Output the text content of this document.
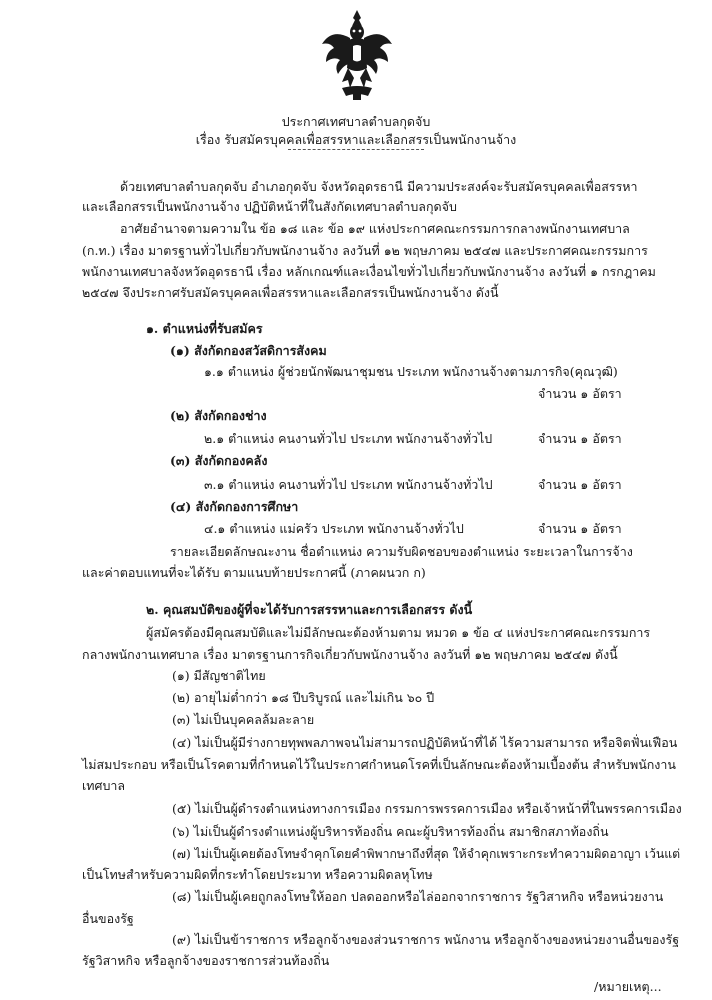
ประกาศเทศบาลตำบลกุดจับ
เรื่อง รับสมัครบุคคลเพื่อสรรหาและเลือกสรรเป็นพนักงานจ้าง
ด้วยเทศบาลตำบลกุดจับ อำเภอกุดจับ จังหวัดอุดรธานี มีความประสงค์จะรับสมัครบุคคลเพื่อสรรหา
และเลือกสรรเป็นพนักงานจ้าง ปฏิบัติหน้าที่ในสังกัดเทศบาลตำบลกุดจับ
อาศัยอำนาจตามความใน ข้อ ๑๘ และ ข้อ ๑๙ แห่งประกาศคณะกรรมการกลางพนักงานเทศบาล
(ก.ท.) เรื่อง มาตรฐานทั่วไปเกี่ยวกับพนักงานจ้าง ลงวันที่ ๑๒ พฤษภาคม ๒๕๔๗ และประกาศคณะกรรมการ
พนักงานเทศบาลจังหวัดอุดรธานี เรื่อง หลักเกณฑ์และเงื่อนไขทั่วไปเกี่ยวกับพนักงานจ้าง ลงวันที่ ๑ กรกฎาคม
๒๕๔๗ จึงประกาศรับสมัครบุคคลเพื่อสรรหาและเลือกสรรเป็นพนักงานจ้าง ดังนี้
๑. ตำแหน่งที่รับสมัคร
(๑) สังกัดกองสวัสดิการสังคม
๑.๑ ตำแหน่ง ผู้ช่วยนักพัฒนาชุมชน ประเภท พนักงานจ้างตามภารกิจ(คุณวุฒิ)
จำนวน ๑ อัตรา
(๒) สังกัดกองช่าง
๒.๑ ตำแหน่ง คนงานทั่วไป ประเภท พนักงานจ้างทั่วไป	จำนวน ๑ อัตรา
(๓) สังกัดกองคลัง
๓.๑ ตำแหน่ง คนงานทั่วไป ประเภท พนักงานจ้างทั่วไป	จำนวน ๑ อัตรา
(๔) สังกัดกองการศึกษา
๔.๑ ตำแหน่ง แม่ครัว ประเภท พนักงานจ้างทั่วไป	จำนวน ๑ อัตรา
รายละเอียดลักษณะงาน ชื่อตำแหน่ง ความรับผิดชอบของตำแหน่ง ระยะเวลาในการจ้าง
และค่าตอบแทนที่จะได้รับ ตามแนบท้ายประกาศนี้ (ภาคผนวก ก)
๒. คุณสมบัติของผู้ที่จะได้รับการสรรหาและการเลือกสรร ดังนี้
ผู้สมัครต้องมีคุณสมบัติและไม่มีลักษณะต้องห้ามตาม หมวด ๑ ข้อ ๔ แห่งประกาศคณะกรรมการ
กลางพนักงานเทศบาล เรื่อง มาตรฐานการกิจเกี่ยวกับพนักงานจ้าง ลงวันที่ ๑๒ พฤษภาคม ๒๕๔๗ ดังนี้
(๑) มีสัญชาติไทย
(๒) อายุไม่ต่ำกว่า ๑๘ ปีบริบูรณ์ และไม่เกิน ๖๐ ปี
(๓) ไม่เป็นบุคคลล้มละลาย
(๔) ไม่เป็นผู้มีร่างกายทุพพลภาพจนไม่สามารถปฏิบัติหน้าที่ได้ ไร้ความสามารถ หรือจิตฟั่นเฟือน
ไม่สมประกอบ หรือเป็นโรคตามที่กำหนดไว้ในประกาศกำหนดโรคที่เป็นลักษณะต้องห้ามเบื้องต้น สำหรับพนักงาน
เทศบาล
(๕) ไม่เป็นผู้ดำรงตำแหน่งทางการเมือง กรรมการพรรคการเมือง หรือเจ้าหน้าที่ในพรรคการเมือง
(๖) ไม่เป็นผู้ดำรงตำแหน่งผู้บริหารท้องถิ่น คณะผู้บริหารท้องถิ่น สมาชิกสภาท้องถิ่น
(๗) ไม่เป็นผู้เคยต้องโทษจำคุกโดยคำพิพากษาถึงที่สุด ให้จำคุกเพราะกระทำความผิดอาญา เว้นแต่
เป็นโทษสำหรับความผิดที่กระทำโดยประมาท หรือความผิดลหุโทษ
(๘) ไม่เป็นผู้เคยถูกลงโทษให้ออก ปลดออกหรือไล่ออกจากราชการ รัฐวิสาหกิจ หรือหน่วยงาน
อื่นของรัฐ
(๙) ไม่เป็นข้าราชการ หรือลูกจ้างของส่วนราชการ พนักงาน หรือลูกจ้างของหน่วยงานอื่นของรัฐ
รัฐวิสาหกิจ หรือลูกจ้างของราชการส่วนท้องถิ่น
/หมายเหตุ...
